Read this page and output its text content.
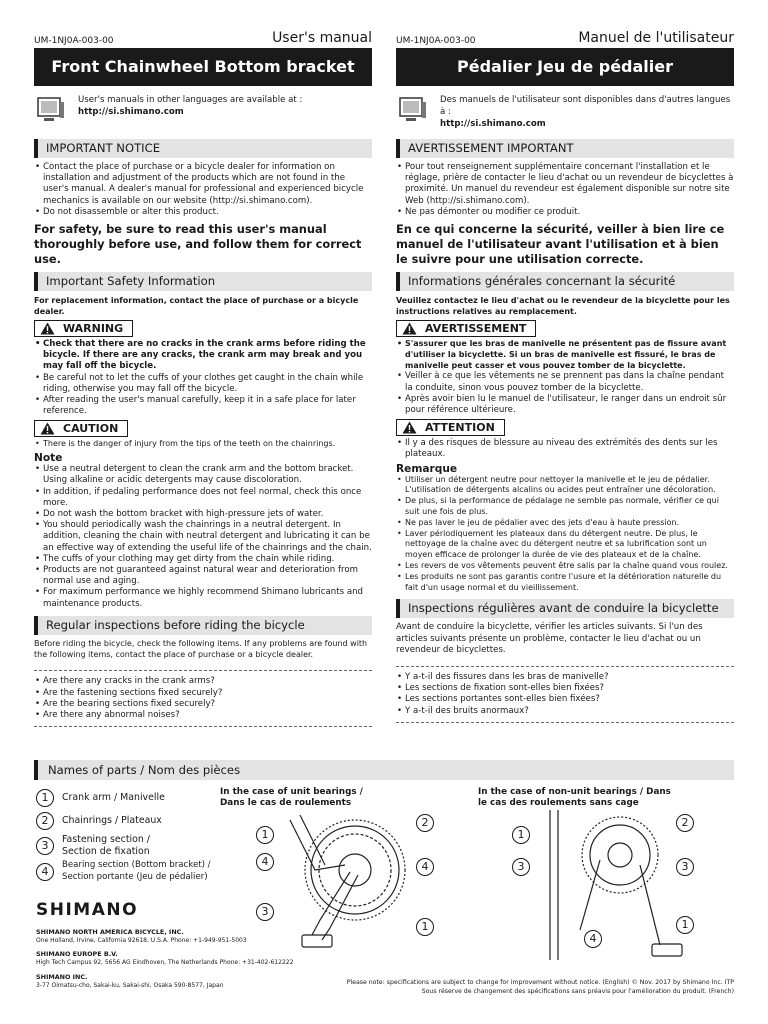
UM-1NJ0A-003-00	User's manual
Front Chainwheel Bottom bracket
User's manuals in other languages are available at :
http://si.shimano.com
IMPORTANT NOTICE
• Contact the place of purchase or a bicycle dealer for information on installation and adjustment of the products which are not found in the user's manual. A dealer's manual for professional and experienced bicycle mechanics is available on our website (http://si.shimano.com).
• Do not disassemble or alter this product.
For safety, be sure to read this user's manual thoroughly before use, and follow them for correct use.
Important Safety Information
For replacement information, contact the place of purchase or a bicycle dealer.
WARNING
• Check that there are no cracks in the crank arms before riding the bicycle. If there are any cracks, the crank arm may break and you may fall off the bicycle.
• Be careful not to let the cuffs of your clothes get caught in the chain while riding, otherwise you may fall off the bicycle.
• After reading the user's manual carefully, keep it in a safe place for later reference.
CAUTION
• There is the danger of injury from the tips of the teeth on the chainrings.
Note
• Use a neutral detergent to clean the crank arm and the bottom bracket. Using alkaline or acidic detergents may cause discoloration.
• In addition, if pedaling performance does not feel normal, check this once more.
• Do not wash the bottom bracket with high-pressure jets of water.
• You should periodically wash the chainrings in a neutral detergent. In addition, cleaning the chain with neutral detergent and lubricating it can be an effective way of extending the useful life of the chainrings and the chain.
• The cuffs of your clothing may get dirty from the chain while riding.
• Products are not guaranteed against natural wear and deterioration from normal use and aging.
• For maximum performance we highly recommend Shimano lubricants and maintenance products.
Regular inspections before riding the bicycle
Before riding the bicycle, check the following items. If any problems are found with the following items, contact the place of purchase or a bicycle dealer.
• Are there any cracks in the crank arms?
• Are the fastening sections fixed securely?
• Are the bearing sections fixed securely?
• Are there any abnormal noises?
UM-1NJ0A-003-00	Manuel de l'utilisateur
Pédalier Jeu de pédalier
Des manuels de l'utilisateur sont disponibles dans d'autres langues à :
http://si.shimano.com
AVERTISSEMENT IMPORTANT
• Pour tout renseignement supplémentaire concernant l'installation et le réglage, prière de contacter le lieu d'achat ou un revendeur de bicyclettes à proximité. Un manuel du revendeur est également disponible sur notre site Web (http://si.shimano.com).
• Ne pas démonter ou modifier ce produit.
En ce qui concerne la sécurité, veiller à bien lire ce manuel de l'utilisateur avant l'utilisation et à bien le suivre pour une utilisation correcte.
Informations générales concernant la sécurité
Veuillez contactez le lieu d'achat ou le revendeur de la bicyclette pour les instructions relatives au remplacement.
AVERTISSEMENT
• S'assurer que les bras de manivelle ne présentent pas de fissure avant d'utiliser la bicyclette. Si un bras de manivelle est fissuré, le bras de manivelle peut casser et vous pouvez tomber de la bicyclette.
• Veiller à ce que les vêtements ne se prennent pas dans la chaîne pendant la conduite, sinon vous pouvez tomber de la bicyclette.
• Après avoir bien lu le manuel de l'utilisateur, le ranger dans un endroit sûr pour référence ultérieure.
ATTENTION
• Il y a des risques de blessure au niveau des extrémités des dents sur les plateaux.
Remarque
• Utiliser un détergent neutre pour nettoyer la manivelle et le jeu de pédalier. L'utilisation de détergents alcalins ou acides peut entraîner une décoloration.
• De plus, si la performance de pédalage ne semble pas normale, vérifier ce qui suit une fois de plus.
• Ne pas laver le jeu de pédalier avec des jets d'eau à haute pression.
• Laver périodiquement les plateaux dans du détergent neutre. De plus, le nettoyage de la chaîne avec du détergent neutre et sa lubrification sont un moyen efficace de prolonger la durée de vie des plateaux et de la chaîne.
• Les revers de vos vêtements peuvent être salis par la chaîne quand vous roulez.
• Les produits ne sont pas garantis contre l'usure et la détérioration naturelle du fait d'un usage normal et du vieillissement.
Inspections régulières avant de conduire la bicyclette
Avant de conduire la bicyclette, vérifier les articles suivants. Si l'un des articles suivants présente un problème, contacter le lieu d'achat ou un revendeur de bicyclettes.
• Y a-t-il des fissures dans les bras de manivelle?
• Les sections de fixation sont-elles bien fixées?
• Les sections portantes sont-elles bien fixées?
• Y a-t-il des bruits anormaux?
Names of parts / Nom des pièces
1	Crank arm / Manivelle
2	Chainrings / Plateaux
3	Fastening section / Section de fixation
4	Bearing section (Bottom bracket) / Section portante (Jeu de pédalier)
In the case of unit bearings / Dans le cas de roulements
In the case of non-unit bearings / Dans le cas des roulements sans cage
1
4
2
4
3
1
1
2
3	3
1
4
SHIMANO
SHIMANO NORTH AMERICA BICYCLE, INC.
One Holland, Irvine, California 92618, U.S.A. Phone: +1-949-951-5003
SHIMANO EUROPE B.V.
High Tech Campus 92, 5656 AG Eindhoven, The Netherlands Phone: +31-402-612222
SHIMANO INC.
3-77 Oimatsu-cho, Sakai-ku, Sakai-shi, Osaka 590-8577, Japan	Please note: specifications are subject to change for improvement without notice. (English) © Nov. 2017 by Shimano Inc. ITP
Sous réserve de changement des spécifications sans préavis pour l'amélioration du produit. (French)
